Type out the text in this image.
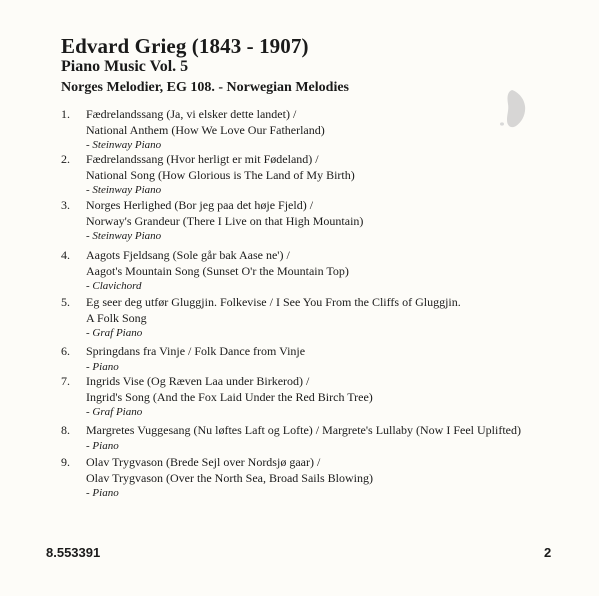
Edvard Grieg (1843 - 1907)
Piano Music Vol. 5
Norges Melodier, EG 108. - Norwegian Melodies
1. Fædrelandssang (Ja, vi elsker dette landet) /
National Anthem (How We Love Our Fatherland)
- Steinway Piano
2. Fædrelandssang (Hvor herligt er mit Fødeland) /
National Song (How Glorious is The Land of My Birth)
- Steinway Piano
3. Norges Herlighed (Bor jeg paa det høje Fjeld) /
Norway's Grandeur (There I Live on that High Mountain)
- Steinway Piano
4. Aagots Fjeldsang (Sole går bak Aase ne') /
Aagot's Mountain Song (Sunset O'r the Mountain Top)
- Clavichord
5. Eg seer deg utfør Gluggjin. Folkevise / I See You From the Cliffs of Gluggjin.
A Folk Song
- Graf Piano
6. Springdans fra Vinje / Folk Dance from Vinje
- Piano
7. Ingrids Vise (Og Ræven Laa under Birkerod) /
Ingrid's Song (And the Fox Laid Under the Red Birch Tree)
- Graf Piano
8. Margretes Vuggesang (Nu løftes Laft og Lofte) / Margrete's Lullaby (Now I Feel Uplifted)
- Piano
9. Olav Trygvason (Brede Sejl over Nordsjø gaar) /
Olav Trygvason (Over the North Sea, Broad Sails Blowing)
- Piano
8.553391	2
